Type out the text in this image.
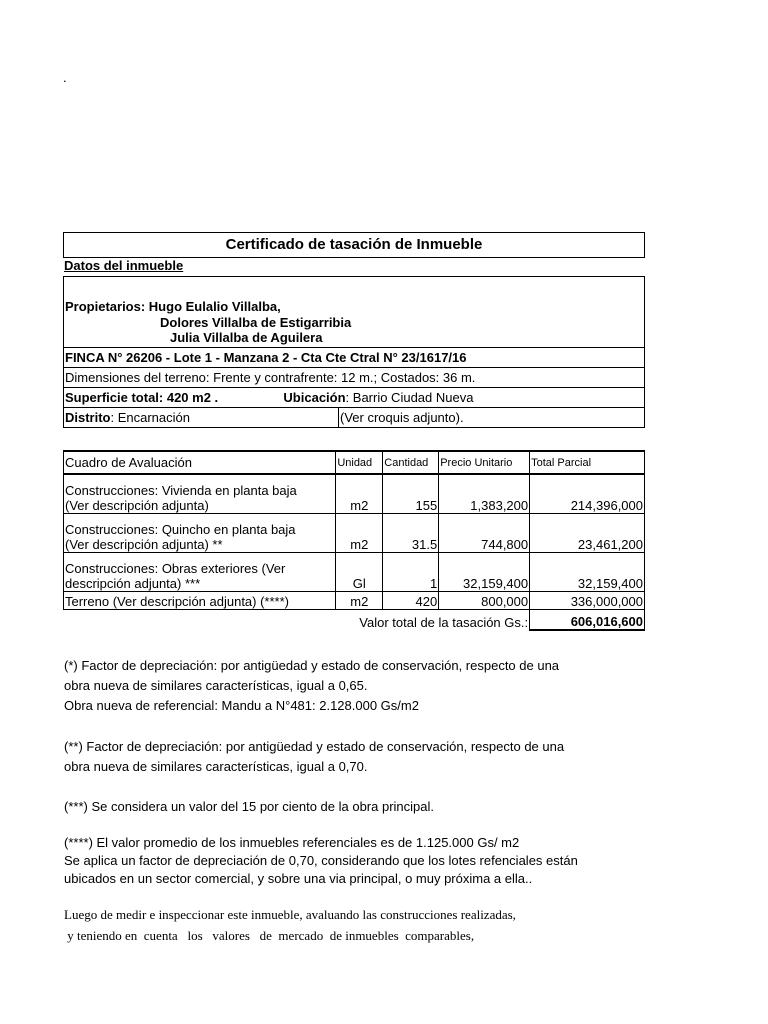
.
Certificado de tasación de Inmueble
Datos del inmueble
Propietarios: Hugo Eulalio Villalba,
Dolores Villalba de Estigarribia
Julia Villalba de Aguilera
FINCA N° 26206 - Lote 1 - Manzana 2 - Cta Cte Ctral N° 23/1617/16
Dimensiones del terreno: Frente y contrafrente: 12 m.; Costados: 36 m.
Superficie total: 420 m2 .	Ubicación: Barrio Ciudad Nueva
Distrito: Encarnación	(Ver croquis adjunto).
Cuadro de Avaluación	Unidad	Cantidad	Precio Unitario	Total Parcial

Construcciones: Vivienda en planta baja
(Ver descripción adjunta)	m2	155	1,383,200	214,396,000

Construcciones: Quincho en planta baja
(Ver descripción adjunta) **	m2	31.5	744,800	23,461,200

Construcciones: Obras exteriores (Ver
descripción adjunta) ***	Gl	1	32,159,400	32,159,400
Terreno (Ver descripción adjunta) (****)	m2	420	800,000	336,000,000
	Valor total de la tasación Gs.:			606,016,600
(*) Factor de depreciación: por antigüedad y estado de conservación, respecto de una
obra nueva de similares características, igual a 0,65.
Obra nueva de referencial: Mandu a N°481: 2.128.000 Gs/m2
(**) Factor de depreciación: por antigüedad y estado de conservación, respecto de una
obra nueva de similares características, igual a 0,70.
(***) Se considera un valor del 15 por ciento de la obra principal.
(****) El valor promedio de los inmuebles referenciales es de 1.125.000 Gs/ m2
Se aplica un factor de depreciación de 0,70, considerando que los lotes refenciales están
ubicados en un sector comercial, y sobre una via principal, o muy próxima a ella..
Luego de medir e inspeccionar este inmueble, avaluando las construcciones realizadas,
y teniendo en  cuenta   los   valores   de  mercado  de inmuebles  comparables,
